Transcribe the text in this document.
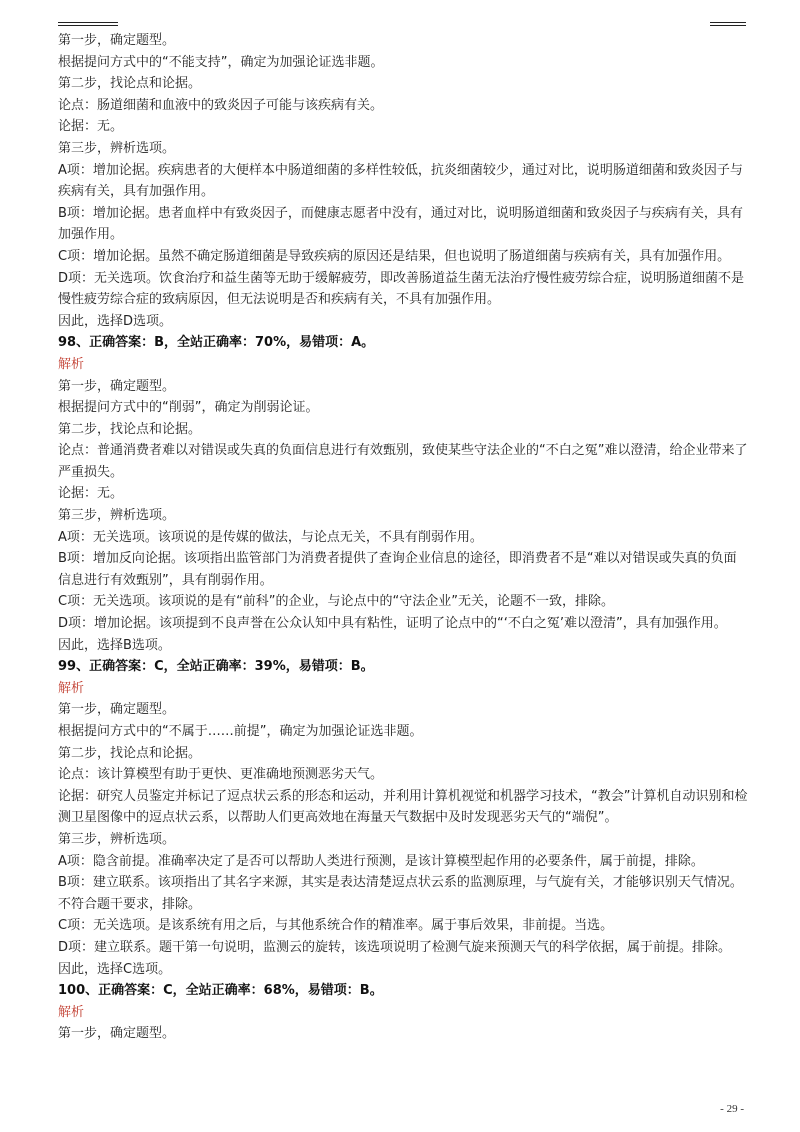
第一步，确定题型。

根据提问方式中的“不能支持”，确定为加强论证选非题。

第二步，找论点和论据。

论点：肠道细菌和血液中的致炎因子可能与该疾病有关。

论据：无。

第三步，辨析选项。

A项：增加论据。疾病患者的大便样本中肠道细菌的多样性较低，抗炎细菌较少，通过对比，说明肠道细菌和致炎因子与疾病有关，具有加强作用。

B项：增加论据。患者血样中有致炎因子，而健康志愿者中没有，通过对比，说明肠道细菌和致炎因子与疾病有关，具有加强作用。

C项：增加论据。虽然不确定肠道细菌是导致疾病的原因还是结果，但也说明了肠道细菌与疾病有关，具有加强作用。

D项：无关选项。饮食治疗和益生菌等无助于缓解疲劳，即改善肠道益生菌无法治疗慢性疲劳综合症，说明肠道细菌不是慢性疲劳综合症的致病原因，但无法说明是否和疾病有关，不具有加强作用。

因此，选择D选项。

98、正确答案：B，全站正确率：70%，易错项：A。

解析

第一步，确定题型。

根据提问方式中的“削弱”，确定为削弱论证。

第二步，找论点和论据。

论点：普通消费者难以对错误或失真的负面信息进行有效甄别，致使某些守法企业的“不白之冤”难以澄清，给企业带来了严重损失。

论据：无。

第三步，辨析选项。

A项：无关选项。该项说的是传媒的做法，与论点无关，不具有削弱作用。

B项：增加反向论据。该项指出监管部门为消费者提供了查询企业信息的途径，即消费者不是“难以对错误或失真的负面信息进行有效甄别”，具有削弱作用。

C项：无关选项。该项说的是有“前科”的企业，与论点中的“守法企业”无关，论题不一致，排除。

D项：增加论据。该项提到不良声誉在公众认知中具有粘性，证明了论点中的“‘不白之冤’难以澄清”，具有加强作用。

因此，选择B选项。

99、正确答案：C，全站正确率：39%，易错项：B。

解析

第一步，确定题型。

根据提问方式中的“不属于……前提”，确定为加强论证选非题。

第二步，找论点和论据。

论点：该计算模型有助于更快、更准确地预测恶劣天气。

论据：研究人员鉴定并标记了逗点状云系的形态和运动，并利用计算机视觉和机器学习技术，“教会”计算机自动识别和检测卫星图像中的逗点状云系，以帮助人们更高效地在海量天气数据中及时发现恶劣天气的“端倪”。

第三步，辨析选项。

A项：隐含前提。准确率决定了是否可以帮助人类进行预测，是该计算模型起作用的必要条件，属于前提，排除。

B项：建立联系。该项指出了其名字来源，其实是表达清楚逗点状云系的监测原理，与气旋有关，才能够识别天气情况。不符合题干要求，排除。

C项：无关选项。是该系统有用之后，与其他系统合作的精准率。属于事后效果，非前提。当选。

D项：建立联系。题干第一句说明，监测云的旋转，该选项说明了检测气旋来预测天气的科学依据，属于前提。排除。

因此，选择C选项。

100、正确答案：C，全站正确率：68%，易错项：B。

解析

第一步，确定题型。

- 29 -
